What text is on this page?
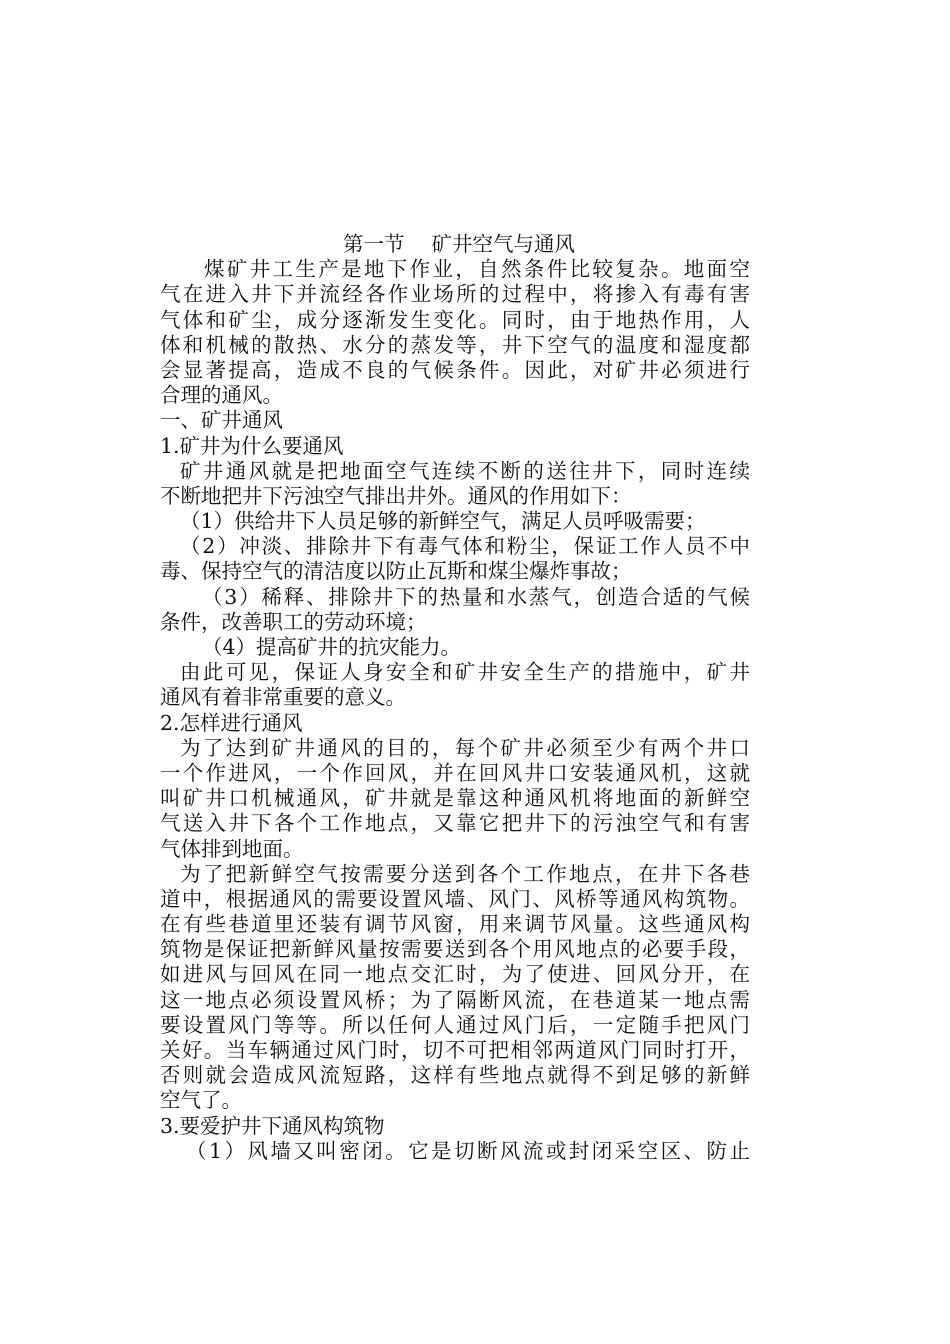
第一节　 矿井空气与通风
煤矿井工生产是地下作业，自然条件比较复杂。地面空
气在进入井下并流经各作业场所的过程中，将掺入有毒有害
气体和矿尘，成分逐渐发生变化。同时，由于地热作用，人
体和机械的散热、水分的蒸发等，井下空气的温度和湿度都
会显著提高，造成不良的气候条件。因此，对矿井必须进行
合理的通风。
一、矿井通风
1.矿井为什么要通风
矿井通风就是把地面空气连续不断的送往井下，同时连续
不断地把井下污浊空气排出井外。通风的作用如下：
（1）供给井下人员足够的新鲜空气，满足人员呼吸需要；
（2）冲淡、排除井下有毒气体和粉尘，保证工作人员不中
毒、保持空气的清洁度以防止瓦斯和煤尘爆炸事故；
（3）稀释、排除井下的热量和水蒸气，创造合适的气候
条件，改善职工的劳动环境；
（4）提高矿井的抗灾能力。
由此可见，保证人身安全和矿井安全生产的措施中，矿井
通风有着非常重要的意义。
2.怎样进行通风
为了达到矿井通风的目的，每个矿井必须至少有两个井口
一个作进风，一个作回风，并在回风井口安装通风机，这就
叫矿井口机械通风，矿井就是靠这种通风机将地面的新鲜空
气送入井下各个工作地点，又靠它把井下的污浊空气和有害
气体排到地面。
为了把新鲜空气按需要分送到各个工作地点，在井下各巷
道中，根据通风的需要设置风墙、风门、风桥等通风构筑物。
在有些巷道里还装有调节风窗，用来调节风量。这些通风构
筑物是保证把新鲜风量按需要送到各个用风地点的必要手段，
如进风与回风在同一地点交汇时，为了使进、回风分开，在
这一地点必须设置风桥；为了隔断风流，在巷道某一地点需
要设置风门等等。所以任何人通过风门后，一定随手把风门
关好。当车辆通过风门时，切不可把相邻两道风门同时打开，
否则就会造成风流短路，这样有些地点就得不到足够的新鲜
空气了。
3.要爱护井下通风构筑物
（1）风墙又叫密闭。它是切断风流或封闭采空区、防止
